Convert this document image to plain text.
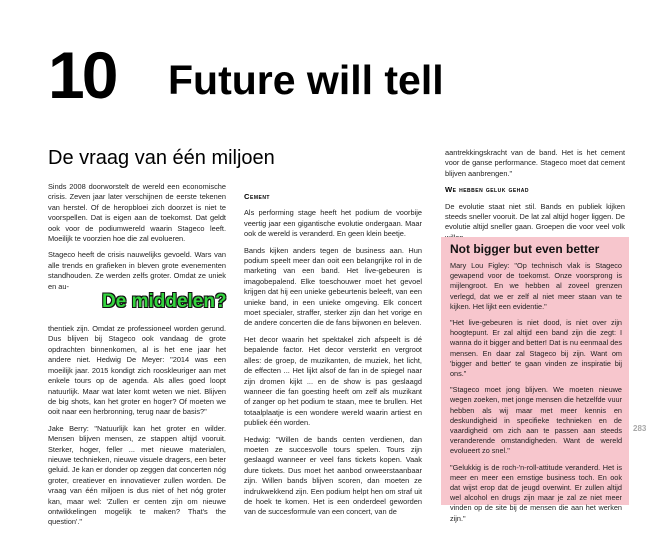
10 Future will tell
De vraag van één miljoen

Sinds 2008 doorworstelt de wereld een economische crisis. Zeven jaar later verschijnen de eerste tekenen van herstel. Of de heropbloei zich doorzet is niet te voorspellen. Dat is eigen aan de toekomst. Dat geldt ook voor de podiumwereld waarin Stageco leeft. Moeilijk te voorzien hoe die zal evolueren.

Stageco heeft de crisis nauwelijks gevoeld. Wars van alle trends en grafieken in bleven grote evenementen standhouden. Ze werden zelfs groter. Omdat ze uniek en au-

thentiek zijn. Omdat ze professioneel worden gerund. Dus blijven bij Stageco ook vandaag de grote opdrachten binnenkomen, al is het ene jaar het andere niet. Hedwig De Meyer: "2014 was een moeilijk jaar. 2015 kondigt zich rooskleuriger aan met enkele tours op de agenda. Als alles goed loopt natuurlijk. Maar wat later komt weten we niet. Blijven de big shots, kan het groter en hoger? Of moeten we ooit naar een herbronning, terug naar de basis?"

Jake Berry: "Natuurlijk kan het groter en wilder. Mensen blijven mensen, ze stappen altijd vooruit. Sterker, hoger, feller ... met nieuwe materialen, nieuwe technieken, nieuwe visuele dragers, een beter geluid. Je kan er donder op zeggen dat concerten nóg groter, creatiever en innovatiever zullen worden. De vraag van één miljoen is dus niet of het nóg groter kan, maar wel: 'Zullen er centen zijn om nieuwe ontwikkelingen mogelijk te maken? That's the question'."

De middelen?
Cement

Als performing stage heeft het podium de voorbije veertig jaar een gigantische evolutie ondergaan. Maar ook de wereld is veranderd. En geen klein beetje.

Bands kijken anders tegen de business aan. Hun podium speelt meer dan ooit een belangrijke rol in de marketing van een band. Het live-gebeuren is imagobepalend. Elke toeschouwer moet het gevoel krijgen dat hij een unieke gebeurtenis beleeft, van een unieke band, in een unieke omgeving. Elk concert moet specialer, straffer, sterker zijn dan het vorige en de andere concerten die de fans bijwonen en beleven.

Het decor waarin het spektakel zich afspeelt is dé bepalende factor. Het decor versterkt en vergroot alles: de groep, de muzikanten, de muziek, het licht, de effecten ... Het lijkt alsof de fan in de spiegel naar zijn dromen kijkt ... en de show is pas geslaagd wanneer die fan goesting heeft om zelf als muzikant of zanger op het podium te staan, mee te brullen. Het totaalplaatje is een wondere wereld waarin artiest en publiek één worden.

Hedwig: "Willen de bands centen verdienen, dan moeten ze succesvolle tours spelen. Tours zijn geslaagd wanneer er veel fans tickets kopen. Vaak dure tickets. Dus moet het aanbod onweerstaanbaar zijn. Willen bands blijven scoren, dan moeten ze indrukwekkend zijn. Een podium helpt hen om straf uit de hoek te komen. Het is een onderdeel geworden van de succesformule van een concert, van de

aantrekkingskracht van de band. Het is het cement voor de ganse performance. Stageco moet dat cement blijven aanbrengen."

We hebben geluk gehad

De evolutie staat niet stil. Bands en publiek kijken steeds sneller vooruit. De lat zal altijd hoger liggen. De evolutie altijd sneller gaan. Groepen die voor veel volk

Not bigger but even better

Mary Lou Figley: "Op technisch vlak is Stageco gewapend voor de toekomst. Onze voorsprong is mijlengroot. En we hebben al zoveel grenzen verlegd, dat we er zelf al niet meer staan van te kijken. Het lijkt een evidentie."

"Het live-gebeuren is niet dood, is niet over zijn hoogtepunt. Er zal altijd een band zijn die zegt: I wanna do it bigger and better! Dat is nu eenmaal des mensen. En daar zal Stageco bij zijn. Want om 'bigger and better' te gaan vinden ze inspiratie bij ons."

"Stageco moet jong blijven. We moeten nieuwe wegen zoeken, met jonge mensen die hetzelfde vuur hebben als wij maar met meer kennis en deskundigheid in specifieke technieken en de vaardigheid om zich aan te passen aan steeds veranderende omstandigheden. Want de wereld evolueert zo snel."

"Gelukkig is de roch-'n-roll-attitude veranderd. Het is meer en meer een ernstige business toch. En ook dat wijst erop dat de jeugd overwint. Er zullen altijd wel alcohol en drugs zijn maar je zal ze niet meer vinden op de site bij de mensen die aan het werken zijn."

283
